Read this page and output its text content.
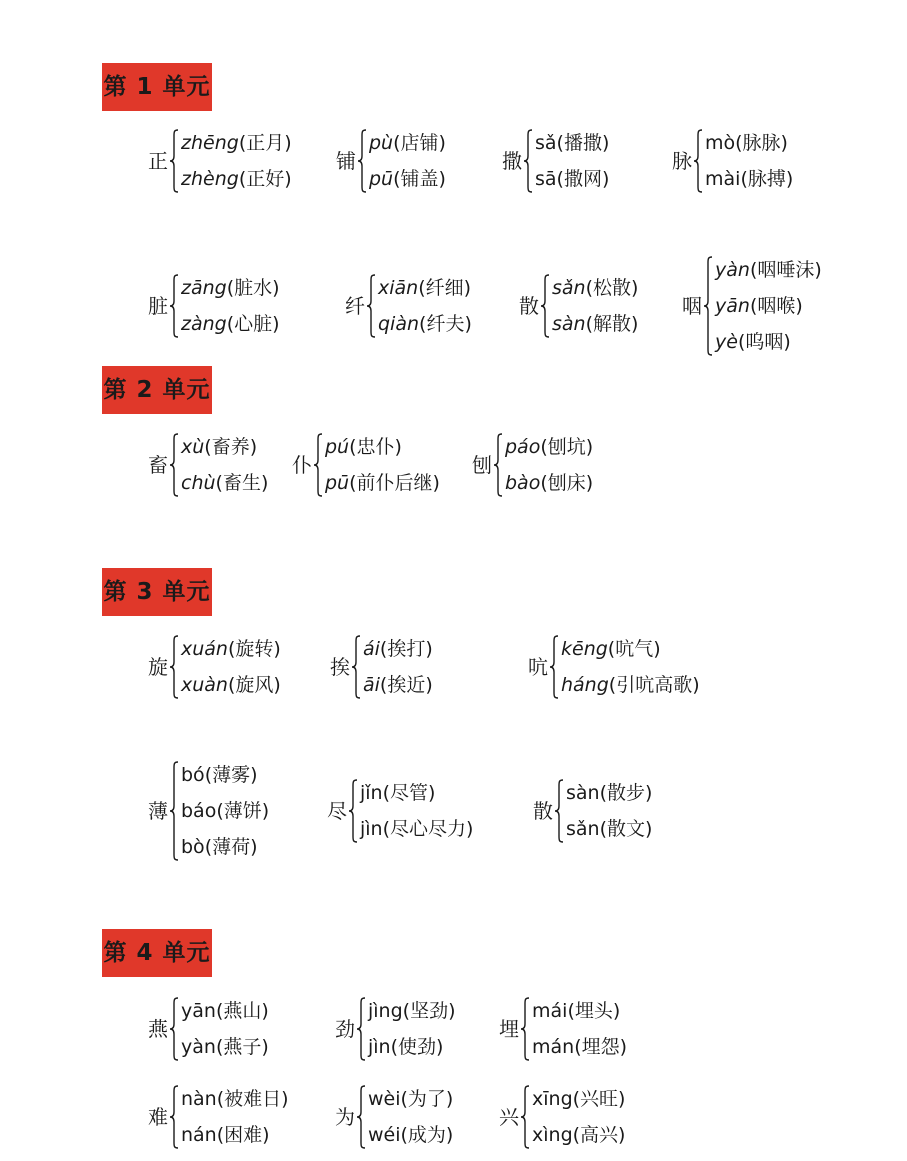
第 1 单元
第 2 单元
第 3 单元
第 4 单元
正
zhēng(正月)
zhèng(正好)
铺
pù(店铺)
pū(铺盖)
撒
sǎ(播撒)
sā(撒网)
脉
mò(脉脉)
mài(脉搏)
脏
zāng(脏水)
zàng(心脏)
纤
xiān(纤细)
qiàn(纤夫)
散
sǎn(松散)
sàn(解散)
咽
yàn(咽唾沫)
yān(咽喉)
yè(呜咽)
畜
xù(畜养)
chù(畜生)
仆
pú(忠仆)
pū(前仆后继)
刨
páo(刨坑)
bào(刨床)
旋
xuán(旋转)
xuàn(旋风)
挨
ái(挨打)
āi(挨近)
吭
kēng(吭气)
háng(引吭高歌)
薄
bó(薄雾)
báo(薄饼)
bò(薄荷)
尽
jǐn(尽管)
jìn(尽心尽力)
散
sàn(散步)
sǎn(散文)
燕
yān(燕山)
yàn(燕子)
劲
jìng(坚劲)
jìn(使劲)
埋
mái(埋头)
mán(埋怨)
难
nàn(被难日)
nán(困难)
为
wèi(为了)
wéi(成为)
兴
xīng(兴旺)
xìng(高兴)
